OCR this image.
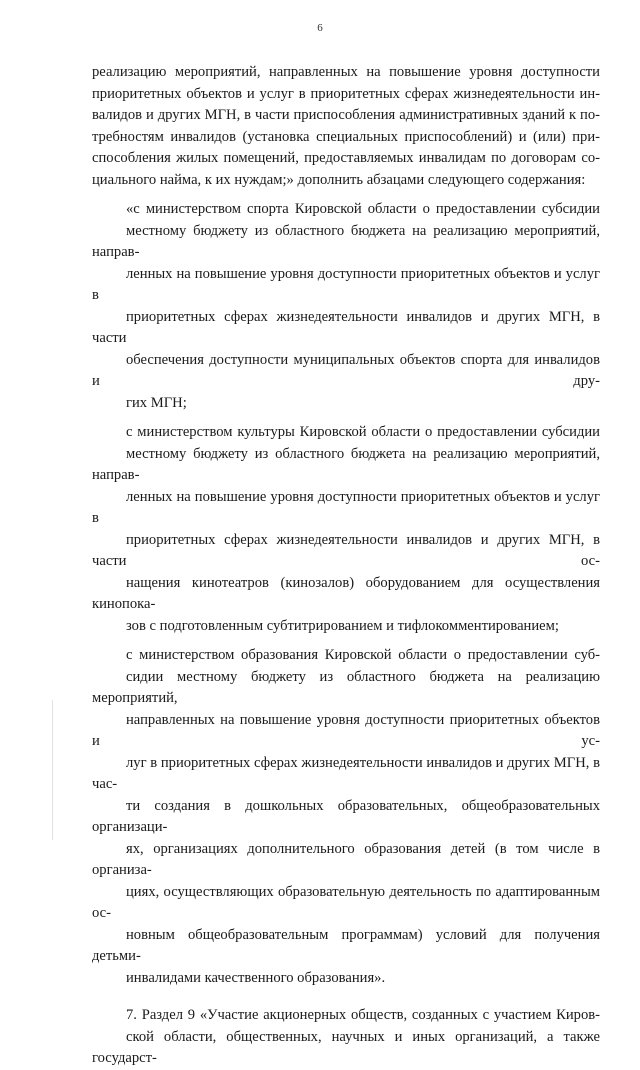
6

реализацию мероприятий, направленных на повышение уровня доступности
приоритетных объектов и услуг в приоритетных сферах жизнедеятельности ин-
валидов и других МГН, в части приспособления административных зданий к по-
требностям инвалидов (установка специальных приспособлений) и (или) при-
способления жилых помещений, предоставляемых инвалидам по договорам со-
циального найма, к их нуждам;» дополнить абзацами следующего содержания:

«с министерством спорта Кировской области о предоставлении субсидии
местному бюджету из областного бюджета на реализацию мероприятий, направ-
ленных на повышение уровня доступности приоритетных объектов и услуг в
приоритетных сферах жизнедеятельности инвалидов и других МГН, в части
обеспечения доступности муниципальных объектов спорта для инвалидов и дру-
гих МГН;

с министерством культуры Кировской области о предоставлении субсидии
местному бюджету из областного бюджета на реализацию мероприятий, направ-
ленных на повышение уровня доступности приоритетных объектов и услуг в
приоритетных сферах жизнедеятельности инвалидов и других МГН, в части ос-
нащения кинотеатров (кинозалов) оборудованием для осуществления кинопока-
зов с подготовленным субтитрированием и тифлокомментированием;

с министерством образования Кировской области о предоставлении суб-
сидии местному бюджету из областного бюджета на реализацию мероприятий,
направленных на повышение уровня доступности приоритетных объектов и ус-
луг в приоритетных сферах жизнедеятельности инвалидов и других МГН, в час-
ти создания в дошкольных образовательных, общеобразовательных организаци-
ях, организациях дополнительного образования детей (в том числе в организа-
циях, осуществляющих образовательную деятельность по адаптированным ос-
новным общеобразовательным программам) условий для получения детьми-
инвалидами качественного образования».

7. Раздел 9 «Участие акционерных обществ, созданных с участием Киров-
ской области, общественных, научных и иных организаций, а также государст-
